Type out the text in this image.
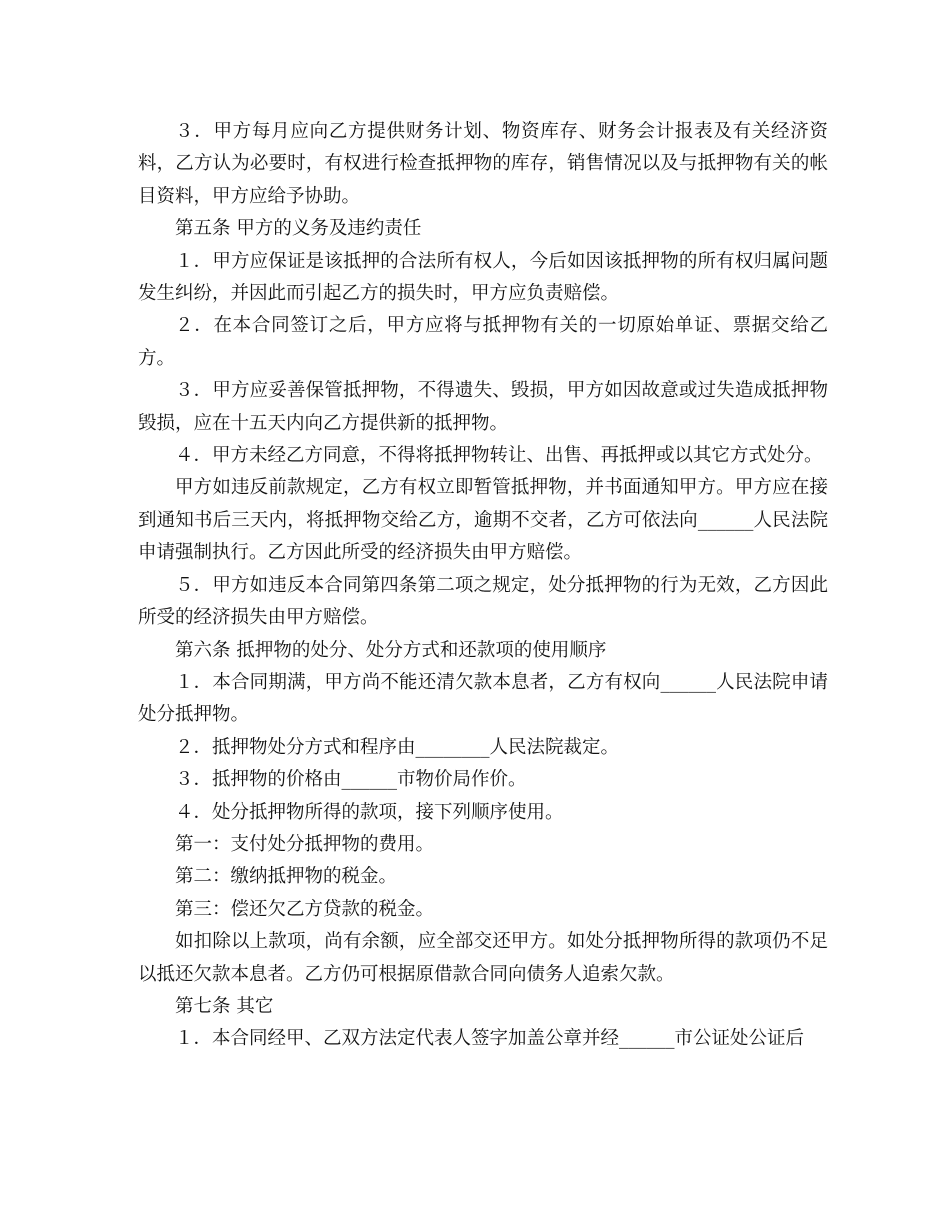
３．甲方每月应向乙方提供财务计划、物资库存、财务会计报表及有关经济资料，乙方认为必要时，有权进行检查抵押物的库存，销售情况以及与抵押物有关的帐目资料，甲方应给予协助。

第五条 甲方的义务及违约责任

１．甲方应保证是该抵押的合法所有权人，今后如因该抵押物的所有权归属问题发生纠纷，并因此而引起乙方的损失时，甲方应负责赔偿。

２．在本合同签订之后，甲方应将与抵押物有关的一切原始单证、票据交给乙方。

３．甲方应妥善保管抵押物，不得遗失、毁损，甲方如因故意或过失造成抵押物毁损，应在十五天内向乙方提供新的抵押物。

４．甲方未经乙方同意，不得将抵押物转让、出售、再抵押或以其它方式处分。

甲方如违反前款规定，乙方有权立即暂管抵押物，并书面通知甲方。甲方应在接到通知书后三天内，将抵押物交给乙方，逾期不交者，乙方可依法向______人民法院申请强制执行。乙方因此所受的经济损失由甲方赔偿。

５．甲方如违反本合同第四条第二项之规定，处分抵押物的行为无效，乙方因此所受的经济损失由甲方赔偿。

第六条 抵押物的处分、处分方式和还款项的使用顺序

１．本合同期满，甲方尚不能还清欠款本息者，乙方有权向______人民法院申请处分抵押物。

２．抵押物处分方式和程序由________人民法院裁定。

３．抵押物的价格由______市物价局作价。

４．处分抵押物所得的款项，接下列顺序使用。

第一：支付处分抵押物的费用。

第二：缴纳抵押物的税金。

第三：偿还欠乙方贷款的税金。

如扣除以上款项，尚有余额，应全部交还甲方。如处分抵押物所得的款项仍不足以抵还欠款本息者。乙方仍可根据原借款合同向债务人追索欠款。

第七条 其它

１．本合同经甲、乙双方法定代表人签字加盖公章并经______市公证处公证后
